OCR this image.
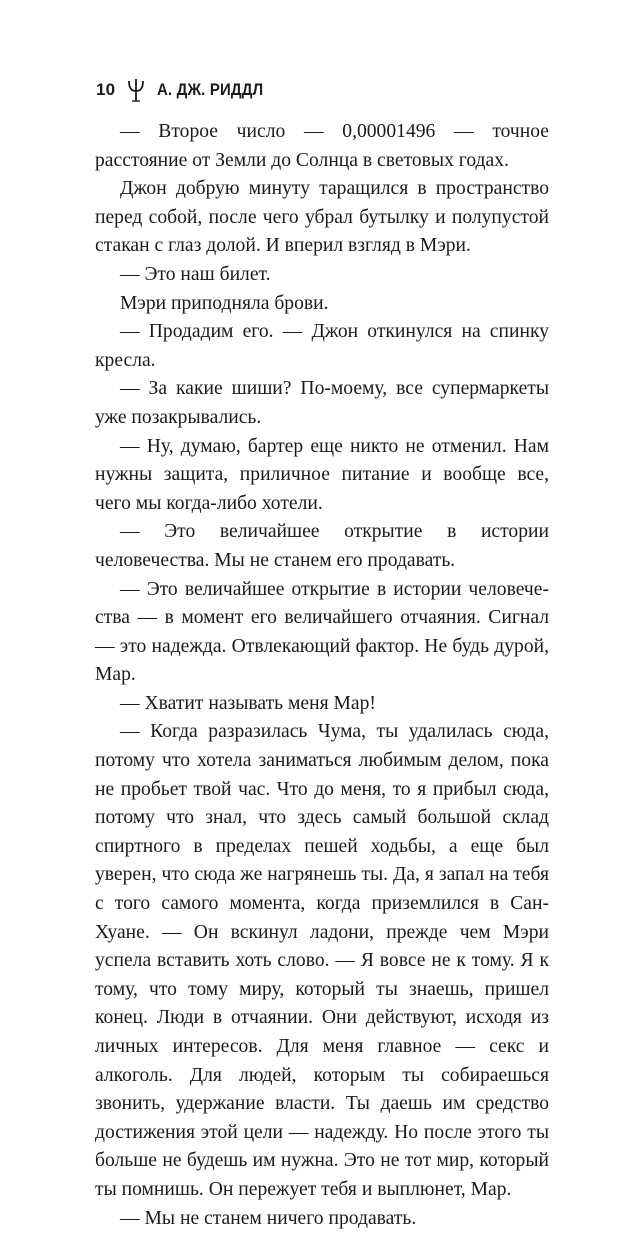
10 А. ДЖ. РИДДЛ

— Второе число — 0,00001496 — точное расстояние от Земли до Солнца в световых годах.

Джон добрую минуту таращился в пространство перед собой, после чего убрал бутылку и полупустой стакан с глаз долой. И вперил взгляд в Мэри.

— Это наш билет.

Мэри приподняла брови.

— Продадим его. — Джон откинулся на спинку кресла.

— За какие шиши? По-моему, все супермаркеты уже позакрывались.

— Ну, думаю, бартер еще никто не отменил. Нам нужны защита, приличное питание и вообще все, чего мы когда-либо хотели.

— Это величайшее открытие в истории человечества. Мы не станем его продавать.

— Это величайшее открытие в истории человечества — в момент его величайшего отчаяния. Сигнал — это надежда. Отвлекающий фактор. Не будь дурой, Мар.

— Хватит называть меня Мар!

— Когда разразилась Чума, ты удалилась сюда, потому что хотела заниматься любимым делом, пока не пробьет твой час. Что до меня, то я прибыл сюда, потому что знал, что здесь самый большой склад спиртного в пределах пешей ходьбы, а еще был уверен, что сюда же нагрянешь ты. Да, я запал на тебя с того самого момента, когда приземлился в Сан-Хуане. — Он вскинул ладони, прежде чем Мэри успела вставить хоть слово. — Я вовсе не к тому. Я к тому, что тому миру, который ты знаешь, пришел конец. Люди в отчаянии. Они действуют, исходя из личных интересов. Для меня главное — секс и алкоголь. Для людей, которым ты собираешься звонить, удержание власти. Ты даешь им средство достижения этой цели — надежду. Но после этого ты больше не будешь им нужна. Это не тот мир, который ты помнишь. Он пережует тебя и выплюнет, Мар.

— Мы не станем ничего продавать.
